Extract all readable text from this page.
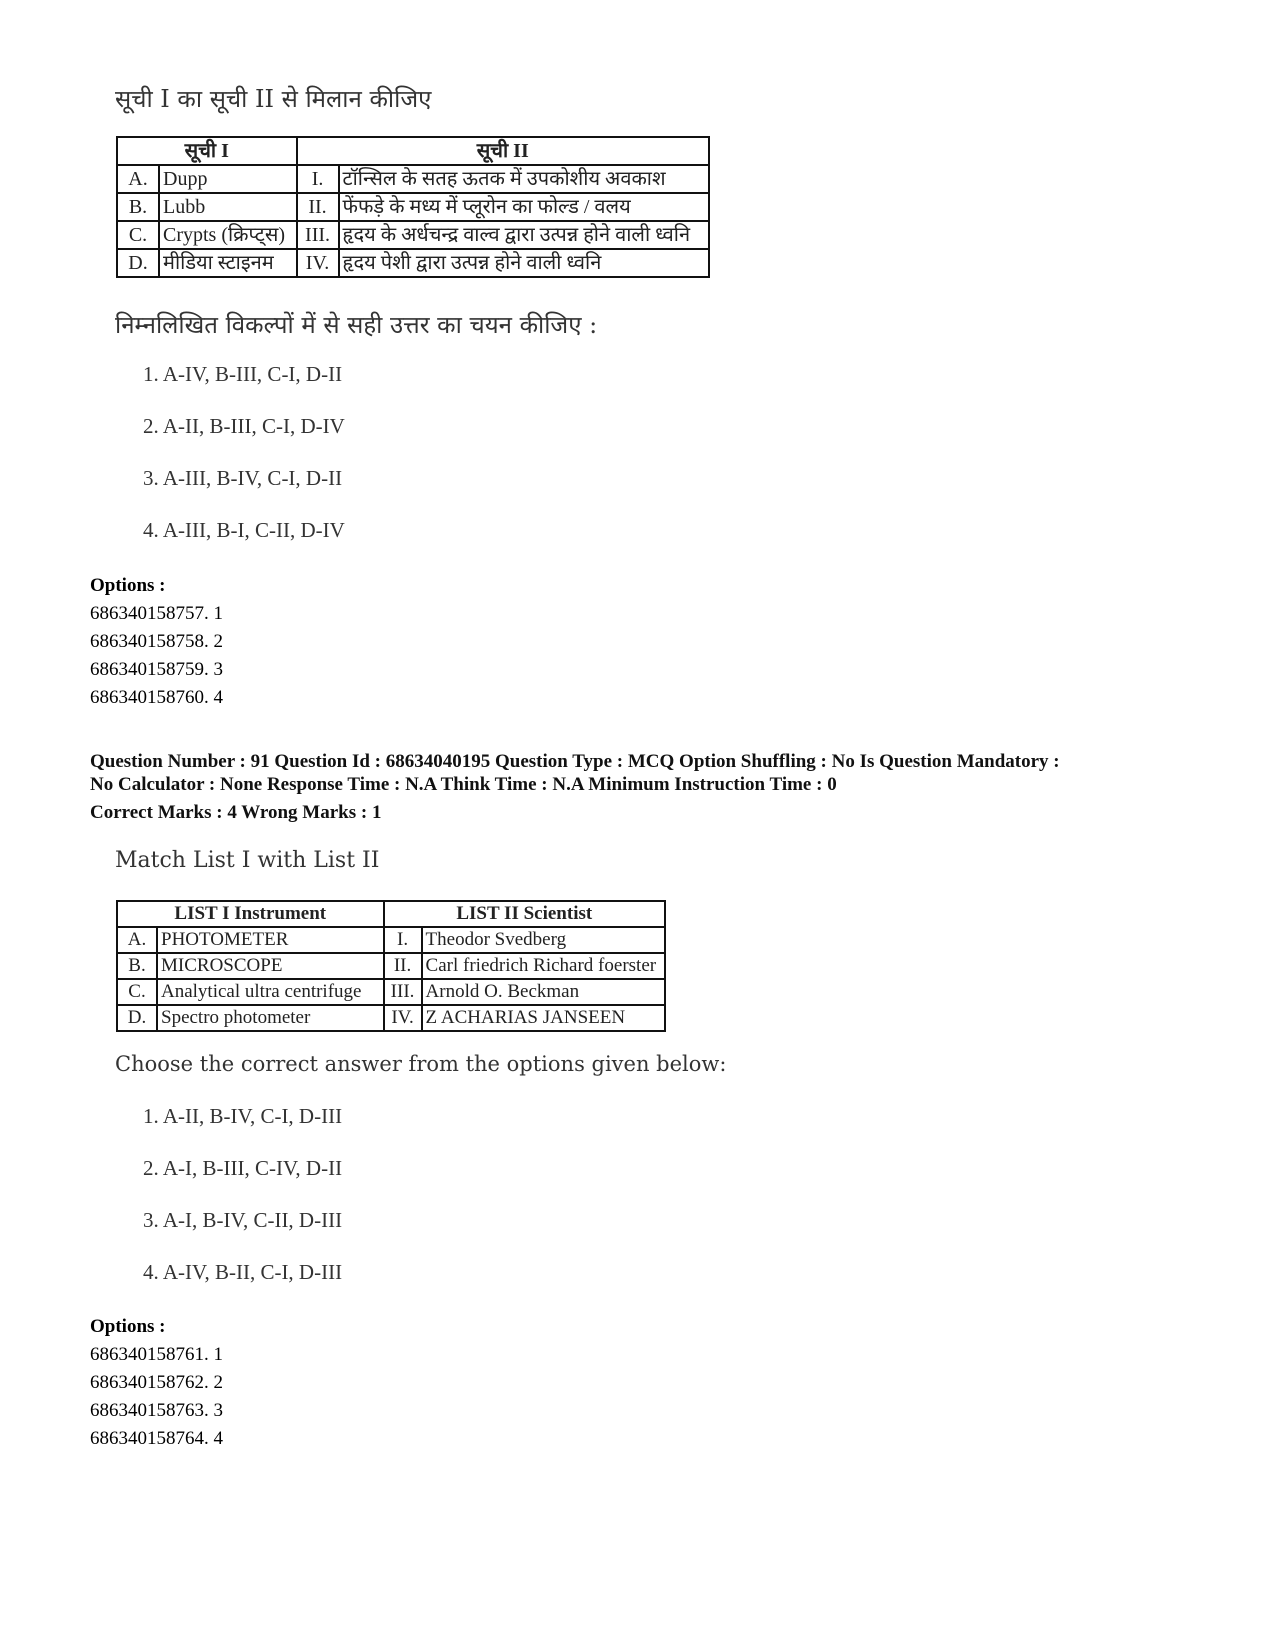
सूची I का सूची II से मिलान कीजिए
सूची I		सूची II	
A.	Dupp	I.	टॉन्सिल के सतह ऊतक में उपकोशीय अवकाश
B.	Lubb	II.	फेंफड़े के मध्य में प्लूरोन का फोल्ड / वलय
C.	Crypts (क्रिप्ट्स)	III.	हृदय के अर्धचन्द्र वाल्व द्वारा उत्पन्न होने वाली ध्वनि
D.	मीडिया स्टाइनम	IV.	हृदय पेशी द्वारा उत्पन्न होने वाली ध्वनि
निम्नलिखित विकल्पों में से सही उत्तर का चयन कीजिए :
1. A-IV, B-III, C-I, D-II
2. A-II, B-III, C-I, D-IV
3. A-III, B-IV, C-I, D-II
4. A-III, B-I, C-II, D-IV
Options :
686340158757. 1
686340158758. 2
686340158759. 3
686340158760. 4
Question Number : 91 Question Id : 68634040195 Question Type : MCQ Option Shuffling : No Is Question Mandatory :
No Calculator : None Response Time : N.A Think Time : N.A Minimum Instruction Time : 0
Correct Marks : 4 Wrong Marks : 1
Match List I with List II
LIST I Instrument		LIST II Scientist	
A.	PHOTOMETER	I.	Theodor Svedberg
B.	MICROSCOPE	II.	Carl friedrich Richard foerster
C.	Analytical ultra centrifuge	III.	Arnold O. Beckman
D.	Spectro photometer	IV.	Z ACHARIAS JANSEEN
Choose the correct answer from the options given below:
1. A-II, B-IV, C-I, D-III
2. A-I, B-III, C-IV, D-II
3. A-I, B-IV, C-II, D-III
4. A-IV, B-II, C-I, D-III
Options :
686340158761. 1
686340158762. 2
686340158763. 3
686340158764. 4
